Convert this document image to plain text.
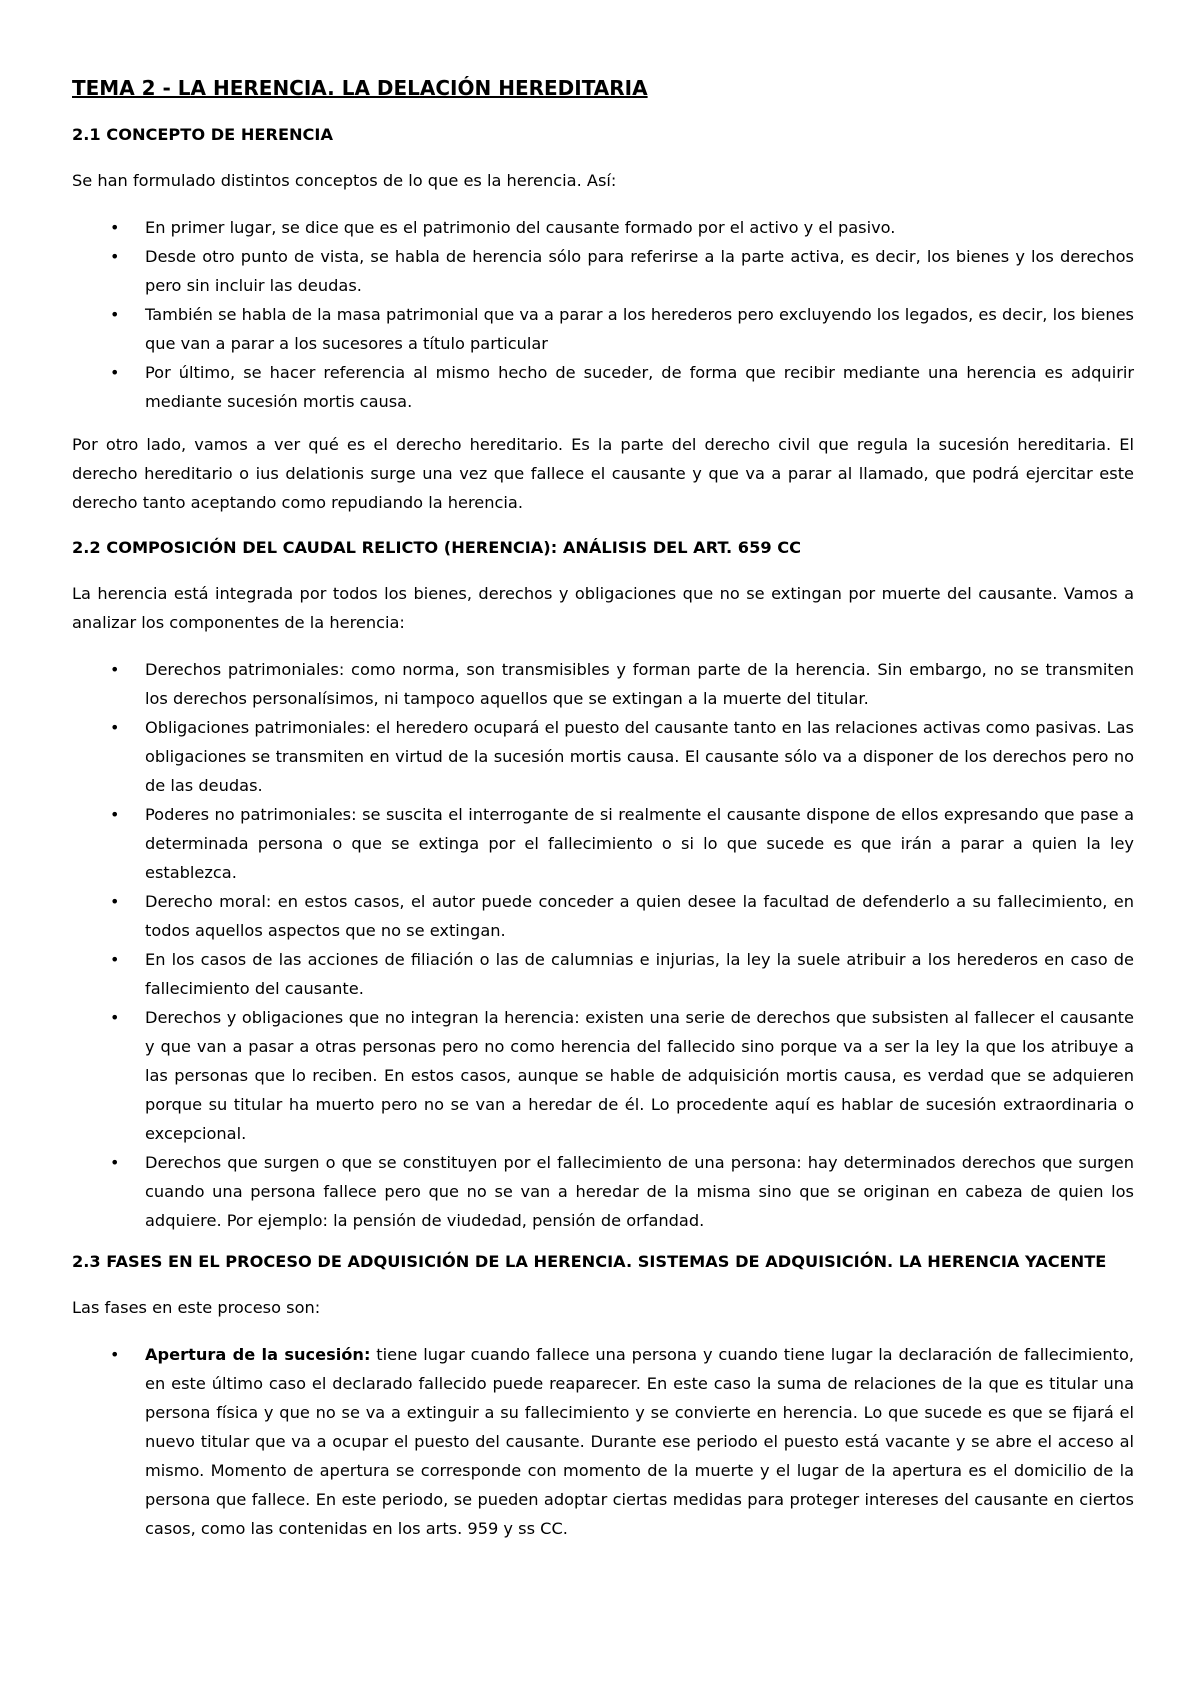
TEMA 2 - LA HERENCIA. LA DELACIÓN HEREDITARIA
2.1 CONCEPTO DE HERENCIA

Se han formulado distintos conceptos de lo que es la herencia. Así:

• En primer lugar, se dice que es el patrimonio del causante formado por el activo y el pasivo.
• Desde otro punto de vista, se habla de herencia sólo para referirse a la parte activa, es decir, los bienes y los derechos pero sin incluir las deudas.
• También se habla de la masa patrimonial que va a parar a los herederos pero excluyendo los legados, es decir, los bienes que van a parar a los sucesores a título particular
• Por último, se hacer referencia al mismo hecho de suceder, de forma que recibir mediante una herencia es adquirir mediante sucesión mortis causa.

Por otro lado, vamos a ver qué es el derecho hereditario. Es la parte del derecho civil que regula la sucesión hereditaria. El derecho hereditario o ius delationis surge una vez que fallece el causante y que va a parar al llamado, que podrá ejercitar este derecho tanto aceptando como repudiando la herencia.

2.2 COMPOSICIÓN DEL CAUDAL RELICTO (HERENCIA): ANÁLISIS DEL ART. 659 CC

La herencia está integrada por todos los bienes, derechos y obligaciones que no se extingan por muerte del causante. Vamos a analizar los componentes de la herencia:

• Derechos patrimoniales: como norma, son transmisibles y forman parte de la herencia. Sin embargo, no se transmiten los derechos personalísimos, ni tampoco aquellos que se extingan a la muerte del titular.
• Obligaciones patrimoniales: el heredero ocupará el puesto del causante tanto en las relaciones activas como pasivas. Las obligaciones se transmiten en virtud de la sucesión mortis causa. El causante sólo va a disponer de los derechos pero no de las deudas.
• Poderes no patrimoniales: se suscita el interrogante de si realmente el causante dispone de ellos expresando que pase a determinada persona o que se extinga por el fallecimiento o si lo que sucede es que irán a parar a quien la ley establezca.
• Derecho moral: en estos casos, el autor puede conceder a quien desee la facultad de defenderlo a su fallecimiento, en todos aquellos aspectos que no se extingan.
• En los casos de las acciones de filiación o las de calumnias e injurias, la ley la suele atribuir a los herederos en caso de fallecimiento del causante.
• Derechos y obligaciones que no integran la herencia: existen una serie de derechos que subsisten al fallecer el causante y que van a pasar a otras personas pero no como herencia del fallecido sino porque va a ser la ley la que los atribuye a las personas que lo reciben. En estos casos, aunque se hable de adquisición mortis causa, es verdad que se adquieren porque su titular ha muerto pero no se van a heredar de él. Lo procedente aquí es hablar de sucesión extraordinaria o excepcional.
• Derechos que surgen o que se constituyen por el fallecimiento de una persona: hay determinados derechos que surgen cuando una persona fallece pero que no se van a heredar de la misma sino que se originan en cabeza de quien los adquiere. Por ejemplo: la pensión de viudedad, pensión de orfandad.
2.3 FASES EN EL PROCESO DE ADQUISICIÓN DE LA HERENCIA. SISTEMAS DE ADQUISICIÓN. LA HERENCIA YACENTE

Las fases en este proceso son:

• Apertura de la sucesión: tiene lugar cuando fallece una persona y cuando tiene lugar la declaración de fallecimiento, en este último caso el declarado fallecido puede reaparecer. En este caso la suma de relaciones de la que es titular una persona física y que no se va a extinguir a su fallecimiento y se convierte en herencia. Lo que sucede es que se fijará el nuevo titular que va a ocupar el puesto del causante. Durante ese periodo el puesto está vacante y se abre el acceso al mismo. Momento de apertura se corresponde con momento de la muerte y el lugar de la apertura es el domicilio de la persona que fallece. En este periodo, se pueden adoptar ciertas medidas para proteger intereses del causante en ciertos casos, como las contenidas en los arts. 959 y ss CC.
